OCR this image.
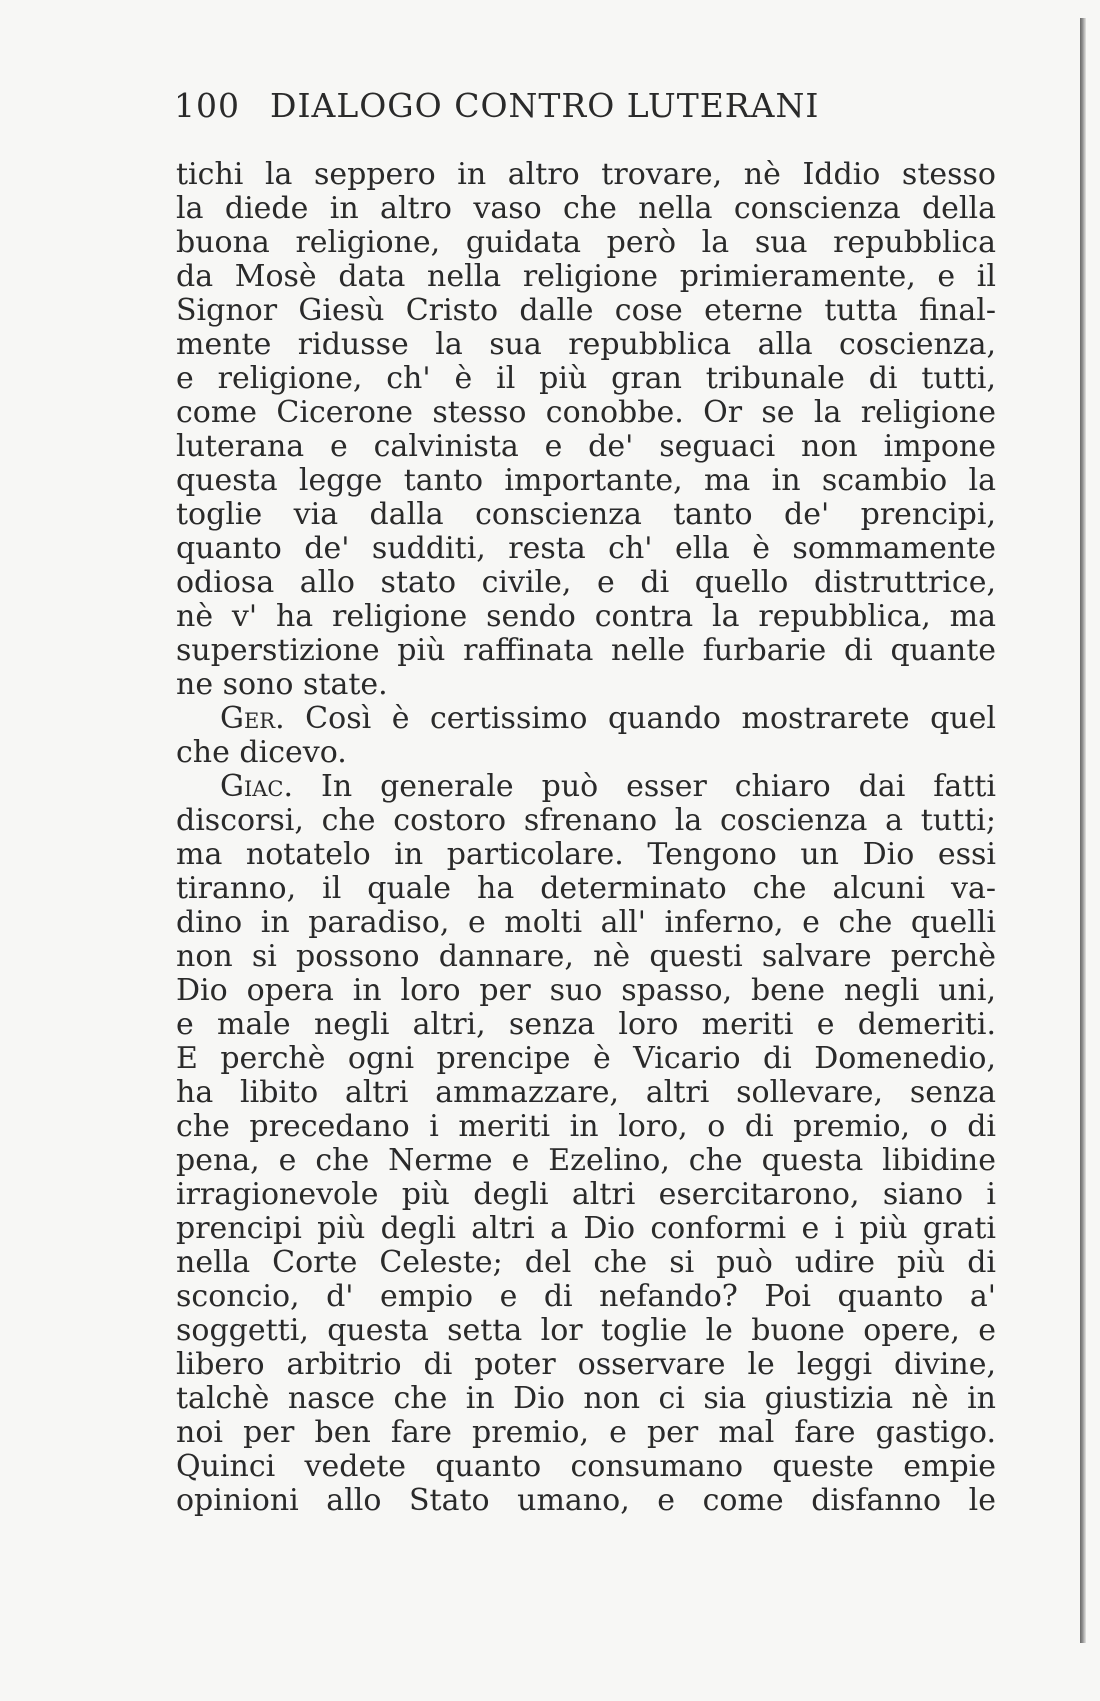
100 DIALOGO CONTRO LUTERANI
tichi la seppero in altro trovare, nè Iddio stesso
la diede in altro vaso che nella conscienza della
buona religione, guidata però la sua repubblica
da Mosè data nella religione primieramente, e il
Signor Giesù Cristo dalle cose eterne tutta final-
mente ridusse la sua repubblica alla coscienza,
e religione, ch' è il più gran tribunale di tutti,
come Cicerone stesso conobbe. Or se la religione
luterana e calvinista e de' seguaci non impone
questa legge tanto importante, ma in scambio la
toglie via dalla conscienza tanto de' prencipi,
quanto de' sudditi, resta ch' ella è sommamente
odiosa allo stato civile, e di quello distruttrice,
nè v' ha religione sendo contra la repubblica, ma
superstizione più raffinata nelle furbarie di quante
ne sono state.
Ger. Così è certissimo quando mostrarete quel
che dicevo.
Giac. In generale può esser chiaro dai fatti
discorsi, che costoro sfrenano la coscienza a tutti;
ma notatelo in particolare. Tengono un Dio essi
tiranno, il quale ha determinato che alcuni va-
dino in paradiso, e molti all' inferno, e che quelli
non si possono dannare, nè questi salvare perchè
Dio opera in loro per suo spasso, bene negli uni,
e male negli altri, senza loro meriti e demeriti.
E perchè ogni prencipe è Vicario di Domenedio,
ha libito altri ammazzare, altri sollevare, senza
che precedano i meriti in loro, o di premio, o di
pena, e che Nerme e Ezelino, che questa libidine
irragionevole più degli altri esercitarono, siano i
prencipi più degli altri a Dio conformi e i più grati
nella Corte Celeste; del che si può udire più di
sconcio, d' empio e di nefando? Poi quanto a'
soggetti, questa setta lor toglie le buone opere, e
libero arbitrio di poter osservare le leggi divine,
talchè nasce che in Dio non ci sia giustizia nè in
noi per ben fare premio, e per mal fare gastigo.
Quinci vedete quanto consumano queste empie
opinioni allo Stato umano, e come disfanno le
